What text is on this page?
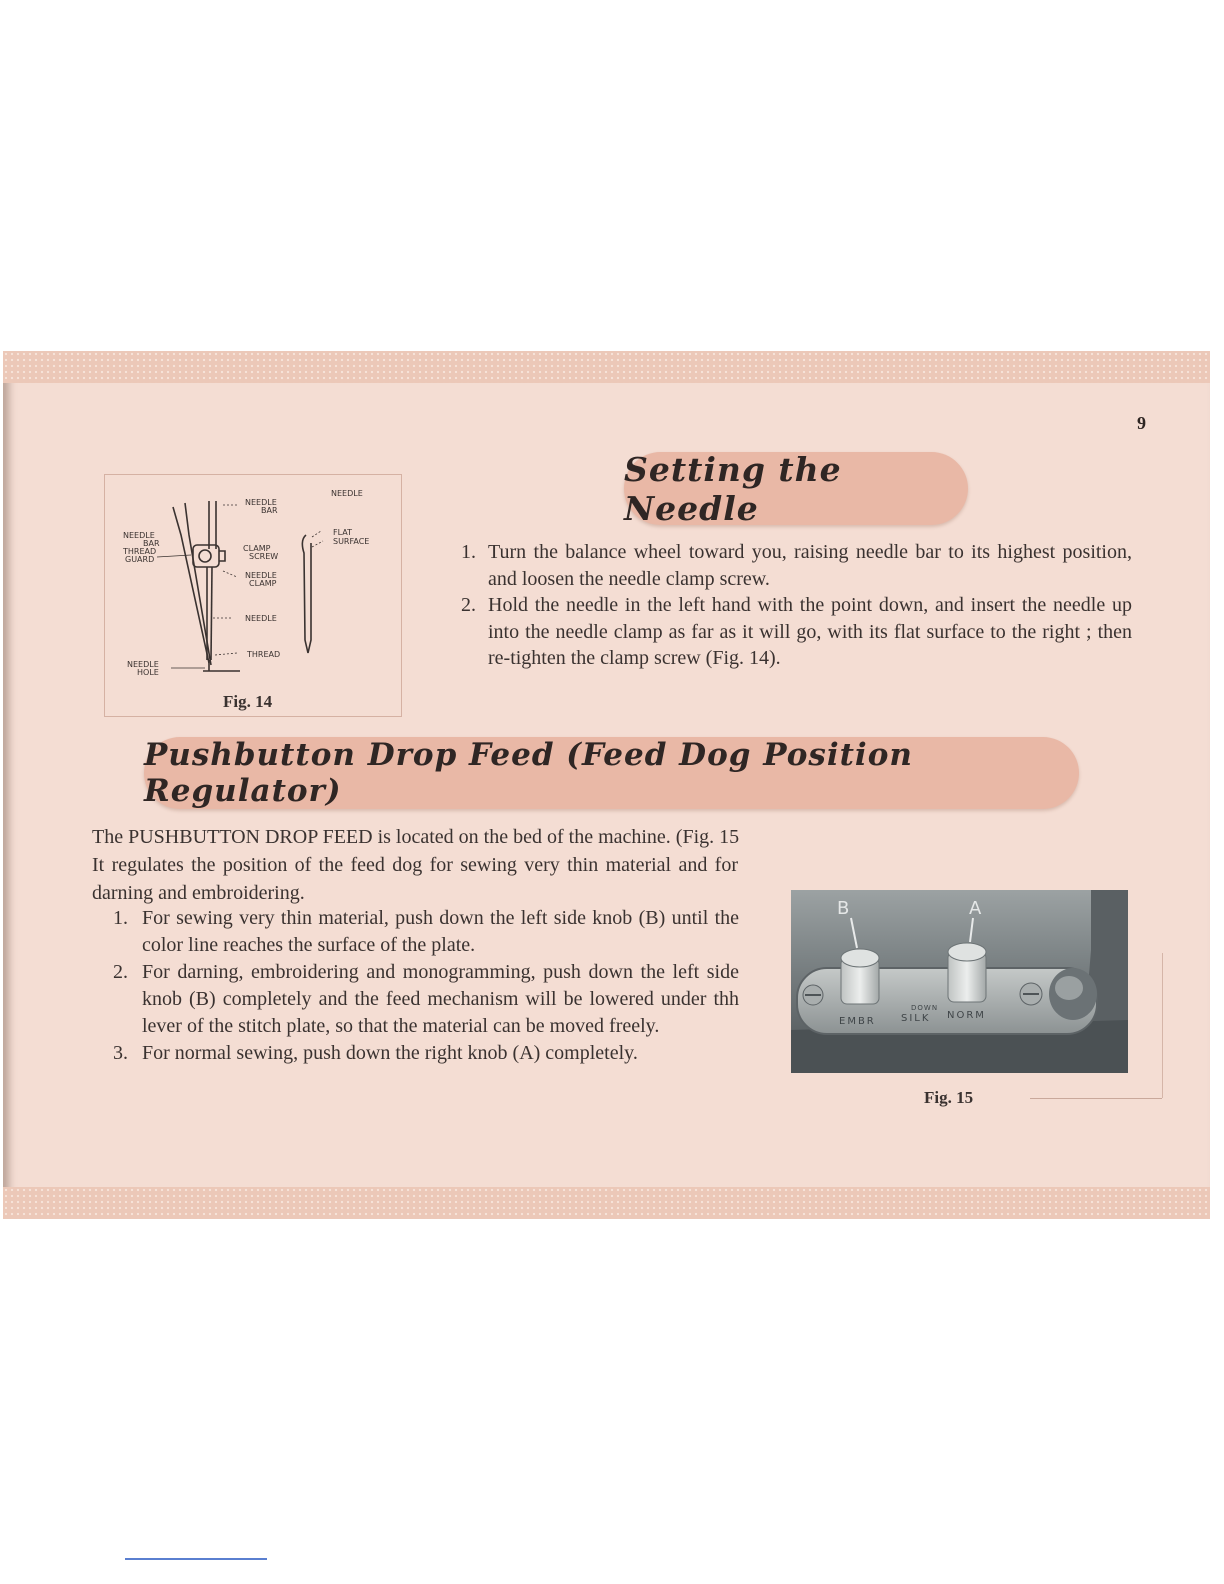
9
NEEDLE
BAR
NEEDLE
FLAT
SURFACE
NEEDLE
BAR
THREAD
GUARD
CLAMP
SCREW
NEEDLE
CLAMP
NEEDLE
THREAD
NEEDLE
HOLE
Fig. 14
Setting the Needle
1. Turn the balance wheel toward you, raising needle bar to its highest position, and loosen the needle clamp screw.
2. Hold the needle in the left hand with the point down, and insert the needle up into the needle clamp as far as it will go, with its flat surface to the right ; then re-tighten the clamp screw (Fig. 14).
Pushbutton Drop Feed (Feed Dog Position Regulator)
The PUSHBUTTON DROP FEED is located on the bed of the machine. (Fig. 15
It regulates the position of the feed dog for sewing very thin material and for darning and embroidering.
1. For sewing very thin material, push down the left side knob (B) until the color line reaches the surface of the plate.
2. For darning, embroidering and monogramming, push down the left side knob (B) completely and the feed mechanism will be lowered under thh lever of the stitch plate, so that the material can be moved freely.
3. For normal sewing, push down the right knob (A) completely.
B	A
EMBR
DOWN
SILK NORM
Fig. 15
